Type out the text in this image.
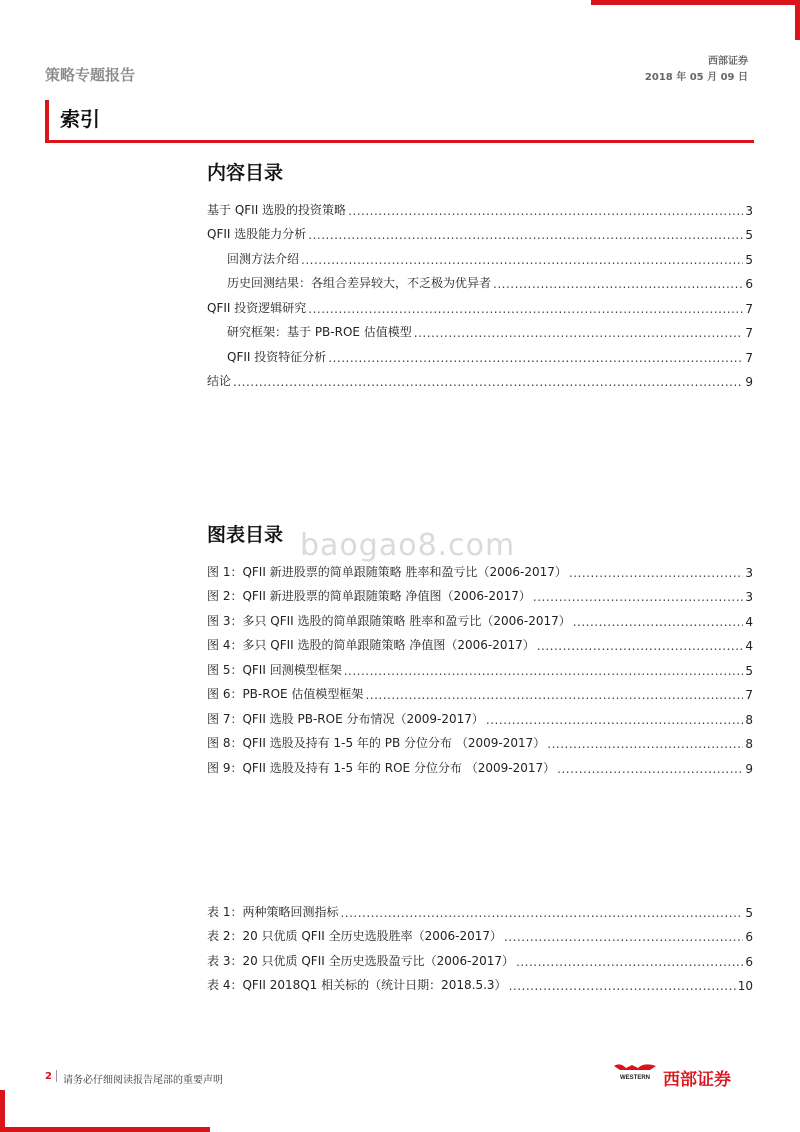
策略专题报告
西部证券
2018 年 05 月 09 日
索引
内容目录
基于 QFII 选股的投资策略 .....	3
QFII 选股能力分析 .....	5
回测方法介绍 .....	5
历史回测结果：各组合差异较大，不乏极为优异者 .....	6
QFII 投资逻辑研究 .....	7
研究框架：基于 PB-ROE 估值模型 .....	7
QFII 投资特征分析 .....	7
结论 .....	9
baogao8.com
图表目录
图 1：QFII 新进股票的简单跟随策略 胜率和盈亏比（2006-2017） .....	3
图 2：QFII 新进股票的简单跟随策略 净值图（2006-2017） .....	3
图 3：多只 QFII 选股的简单跟随策略 胜率和盈亏比（2006-2017） .....	4
图 4：多只 QFII 选股的简单跟随策略 净值图（2006-2017） .....	4
图 5：QFII 回测模型框架 .....	5
图 6：PB-ROE 估值模型框架 .....	7
图 7：QFII 选股 PB-ROE 分布情况（2009-2017） .....	8
图 8：QFII 选股及持有 1-5 年的 PB 分位分布 （2009-2017） .....	8
图 9：QFII 选股及持有 1-5 年的 ROE 分位分布 （2009-2017） .....	9
表 1：两种策略回测指标 .....	5
表 2：20 只优质 QFII 全历史选股胜率（2006-2017） .....	6
表 3：20 只优质 QFII 全历史选股盈亏比（2006-2017） .....	6
表 4：QFII 2018Q1 相关标的（统计日期：2018.5.3） .....	10
2 请务必仔细阅读报告尾部的重要声明	WESTERN 西部证券
